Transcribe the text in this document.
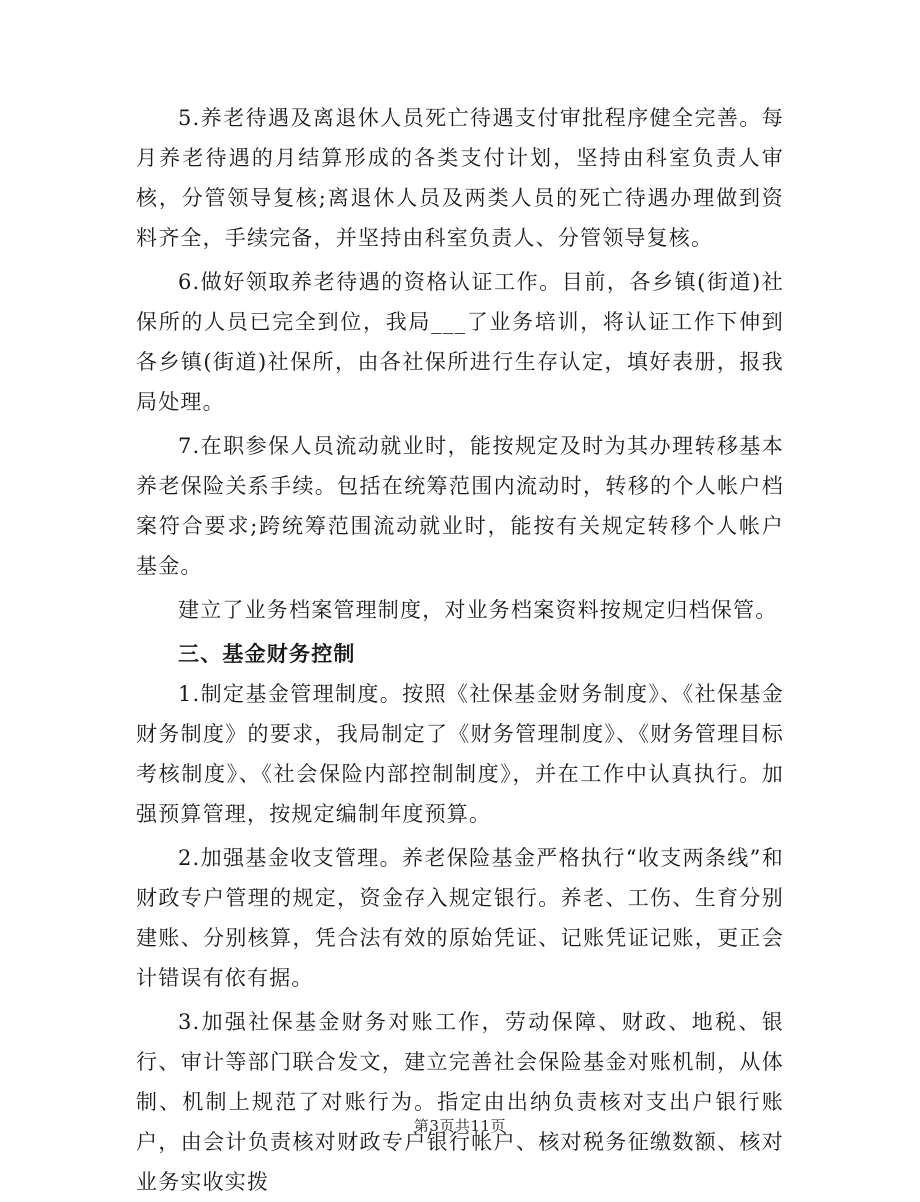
5.养老待遇及离退休人员死亡待遇支付审批程序健全完善。每月养老待遇的月结算形成的各类支付计划，坚持由科室负责人审核，分管领导复核;离退休人员及两类人员的死亡待遇办理做到资料齐全，手续完备，并坚持由科室负责人、分管领导复核。

6.做好领取养老待遇的资格认证工作。目前，各乡镇(街道)社保所的人员已完全到位，我局___了业务培训，将认证工作下伸到各乡镇(街道)社保所，由各社保所进行生存认定，填好表册，报我局处理。

7.在职参保人员流动就业时，能按规定及时为其办理转移基本养老保险关系手续。包括在统筹范围内流动时，转移的个人帐户档案符合要求;跨统筹范围流动就业时，能按有关规定转移个人帐户基金。

建立了业务档案管理制度，对业务档案资料按规定归档保管。

三、基金财务控制

1.制定基金管理制度。按照《社保基金财务制度》、《社保基金财务制度》的要求，我局制定了《财务管理制度》、《财务管理目标考核制度》、《社会保险内部控制制度》，并在工作中认真执行。加强预算管理，按规定编制年度预算。

2.加强基金收支管理。养老保险基金严格执行“收支两条线”和财政专户管理的规定，资金存入规定银行。养老、工伤、生育分别建账、分别核算，凭合法有效的原始凭证、记账凭证记账，更正会计错误有依有据。

3.加强社保基金财务对账工作，劳动保障、财政、地税、银行、审计等部门联合发文，建立完善社会保险基金对账机制，从体制、机制上规范了对账行为。指定由出纳负责核对支出户银行账户，由会计负责核对财政专户银行帐户、核对税务征缴数额、核对业务实收实拨

第3页共11页
